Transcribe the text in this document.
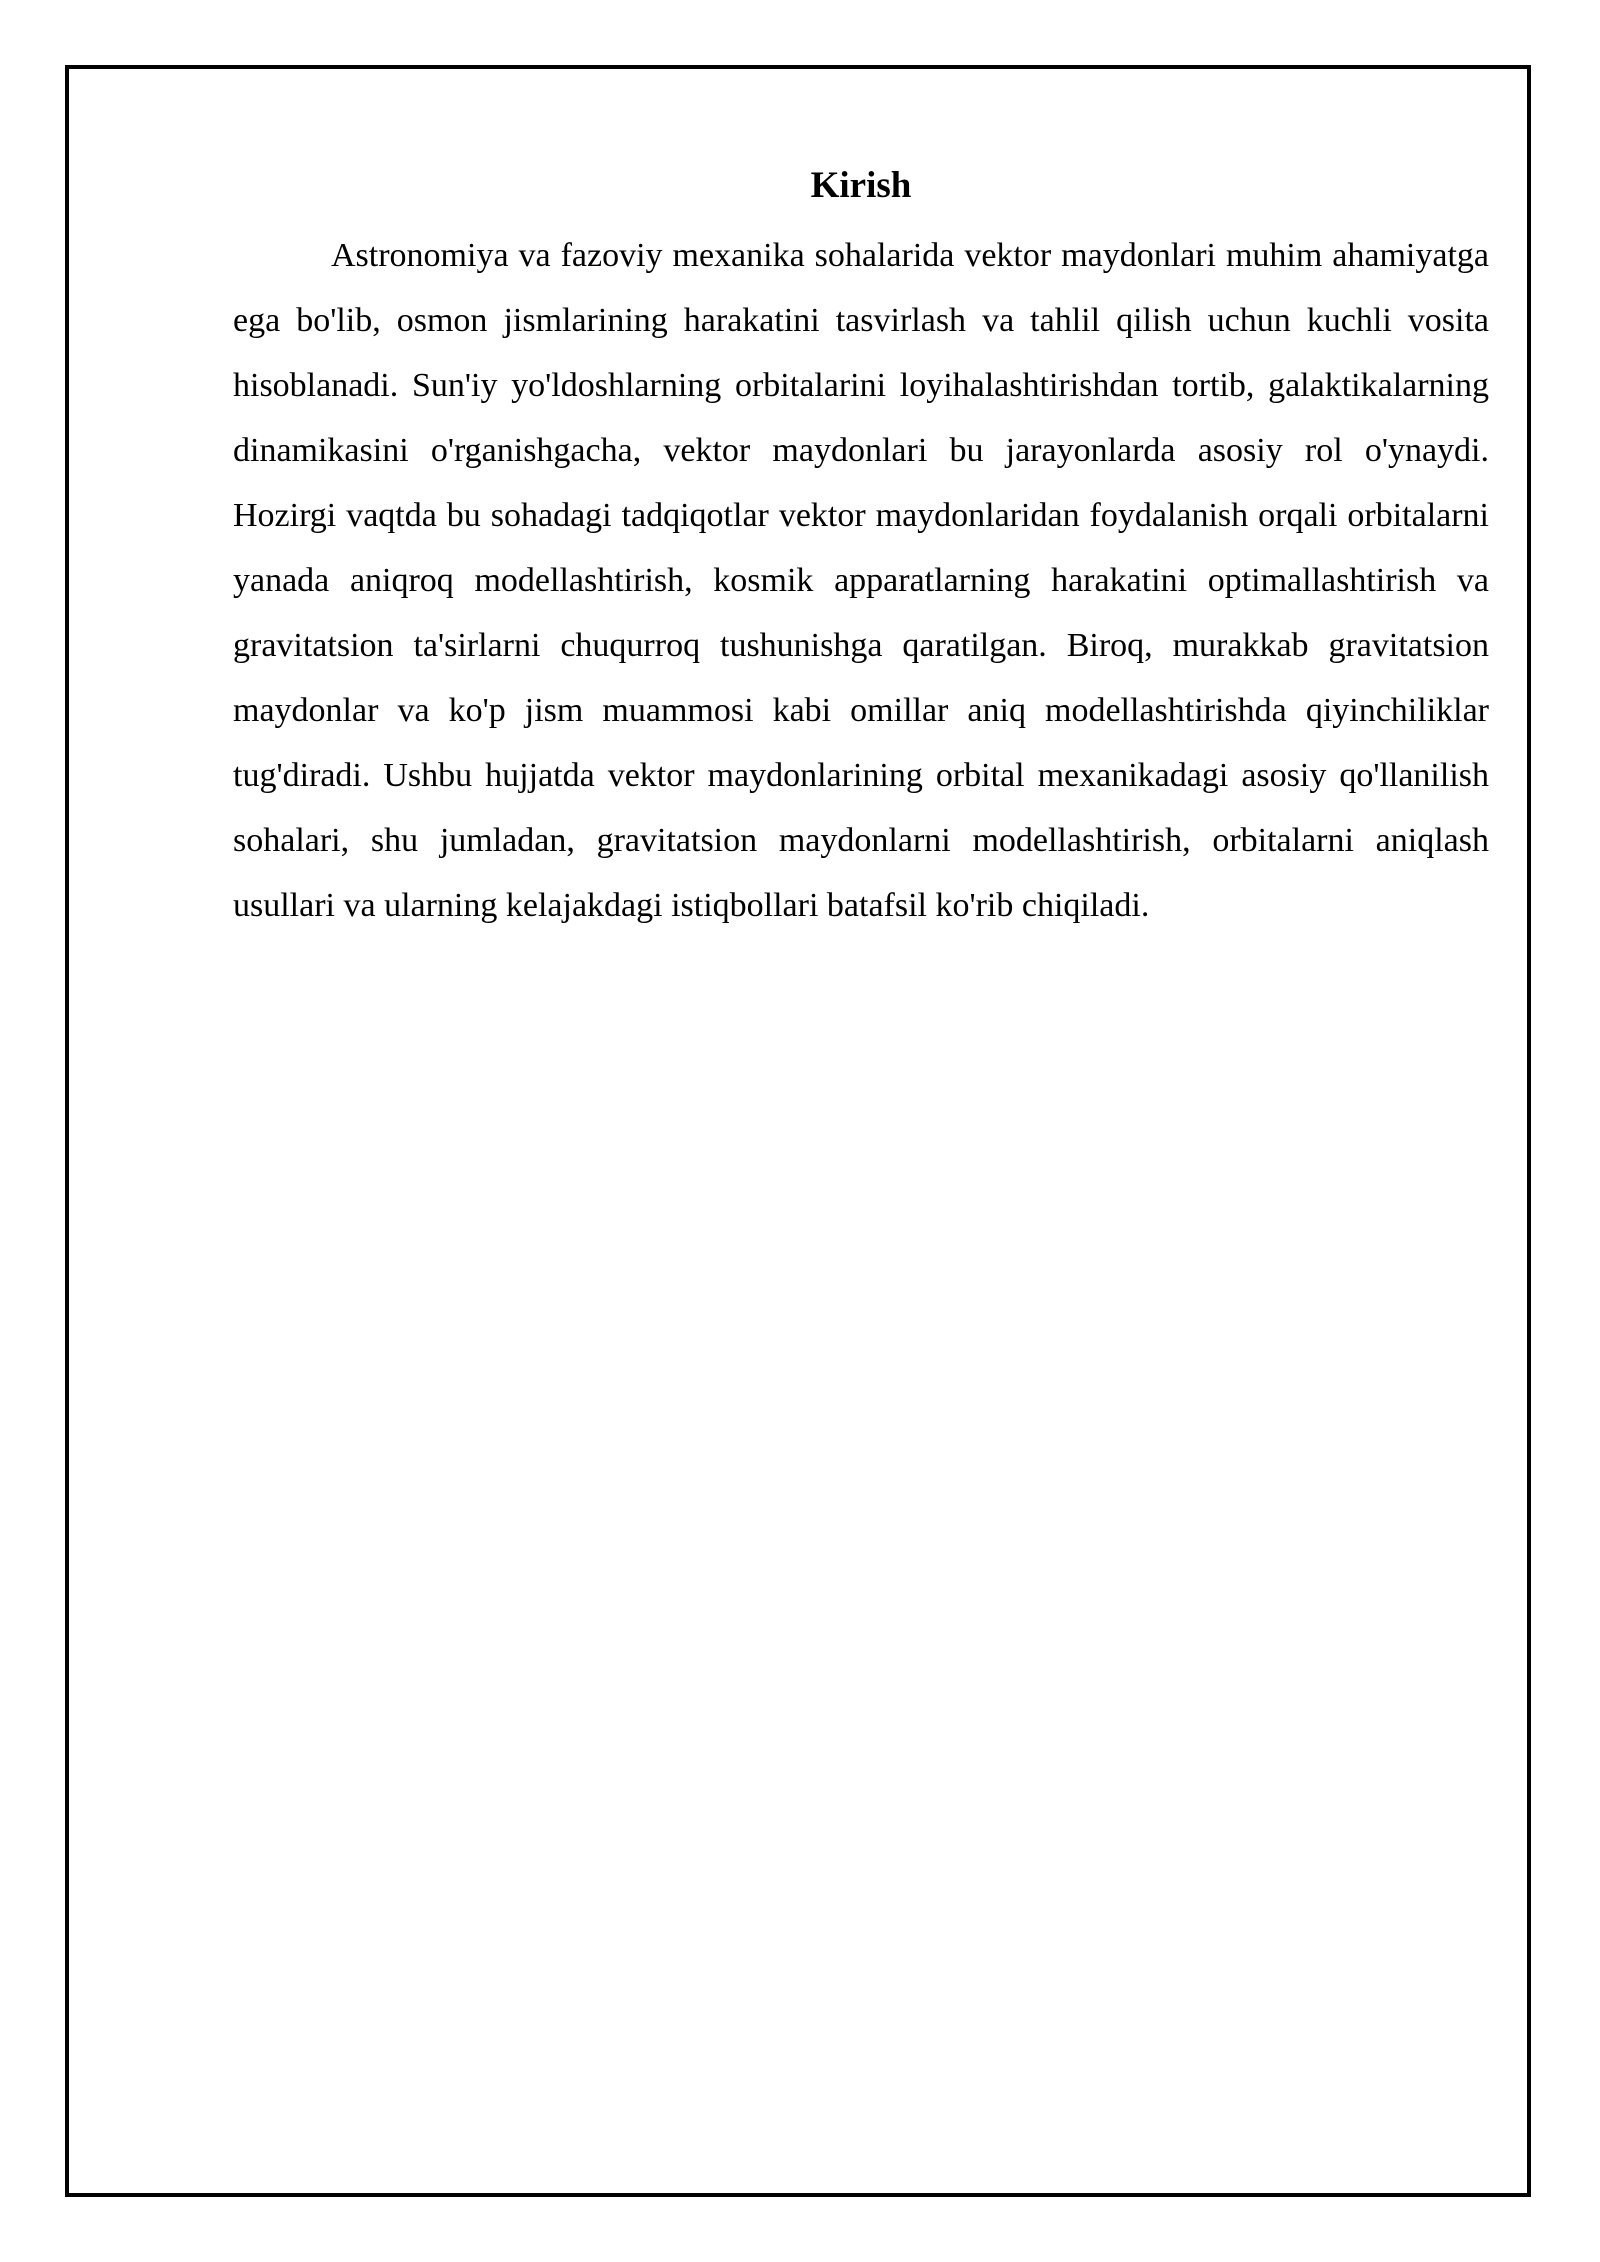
Kirish

Astronomiya va fazoviy mexanika sohalarida vektor maydonlari muhim ahamiyatga ega bo'lib, osmon jismlarining harakatini tasvirlash va tahlil qilish uchun kuchli vosita hisoblanadi. Sun'iy yo'ldoshlarning orbitalarini loyihalashtirishdan tortib, galaktikalarning dinamikasini o'rganishgacha, vektor maydonlari bu jarayonlarda asosiy rol o'ynaydi. Hozirgi vaqtda bu sohadagi tadqiqotlar vektor maydonlaridan foydalanish orqali orbitalarni yanada aniqroq modellashtirish, kosmik apparatlarning harakatini optimallashtirish va gravitatsion ta'sirlarni chuqurroq tushunishga qaratilgan. Biroq, murakkab gravitatsion maydonlar va ko'p jism muammosi kabi omillar aniq modellashtirishda qiyinchiliklar tug'diradi. Ushbu hujjatda vektor maydonlarining orbital mexanikadagi asosiy qo'llanilish sohalari, shu jumladan, gravitatsion maydonlarni modellashtirish, orbitalarni aniqlash usullari va ularning kelajakdagi istiqbollari batafsil ko'rib chiqiladi.
